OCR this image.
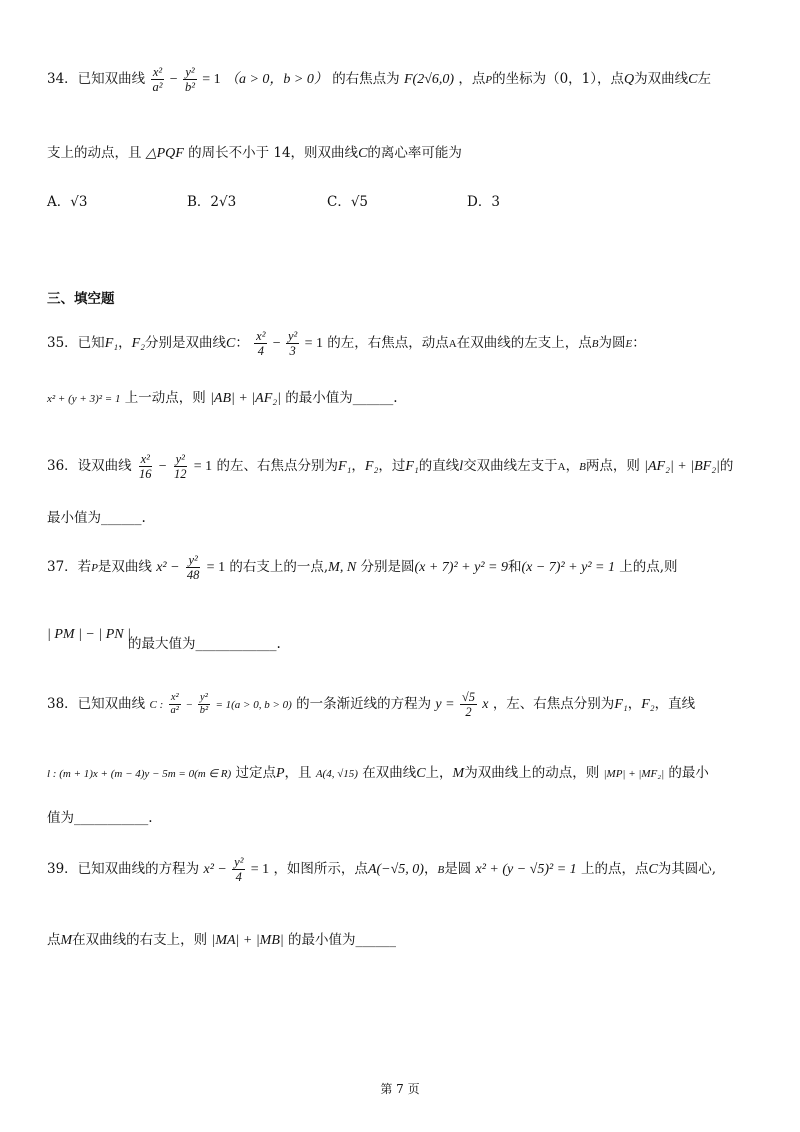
34．已知双曲线 $\frac{\text{x²}}{\text{a²}} - \frac{\text{y²}}{\text{b²}} = 1$ （a > 0，b > 0） 的右焦点为 F(2√6,0) ，点P的坐标为（0，1），点Q为双曲线C左
支上的动点，且 △PQF 的周长不小于 14，则双曲线C的离心率可能为
A．√3	B．2√3	C．√5	D．3
三、填空题
35．已知F₁，F₂分别是双曲线C： $\frac{\text{x²}}{4} - \frac{\text{y²}}{3} = 1$ 的左，右焦点，动点A在双曲线的左支上，点B为圆E：
x² + (y + 3)² = 1 上一动点，则 |AB| + |AF₂| 的最小值为______.
36．设双曲线 $\frac{\text{x²}}{16} - \frac{\text{y²}}{12} = 1$ 的左、右焦点分别为F₁，F₂，过F₁的直线l交双曲线左支于A，B两点，则 |AF₂| + |BF₂|的
最小值为______.
37．若P是双曲线 $x^2 - \frac{\text{y²}}{48} = 1$ 的右支上的一点,M, N 分别是圆(x + 7)² + y² = 9和(x − 7)² + y² = 1 上的点,则
| PM | − | PN |
的最大值为____________.
38．已知双曲线 C : $\frac{\text{x²}}{\text{a²}} - \frac{\text{y²}}{\text{b²}} = 1(a > 0$, b > 0) 的一条渐近线的方程为 $y = \frac{√5}{2}$ x ，左、右焦点分别为F₁，F₂，直线
l : (m + 1)x + (m − 4)y − 5m = 0(m ∈ R) 过定点P，且 A(4, √15) 在双曲线C上，M为双曲线上的动点，则 |MP| + |MF₂| 的最小
值为___________.
39．已知双曲线的方程为 $x^2 - \frac{\text{y²}}{4} = 1$ ，如图所示，点A(−√5, 0)，B是圆 x² + (y − √5)² = 1 上的点，点C为其圆心,
点M在双曲线的右支上，则 |MA| + |MB| 的最小值为______
第 7 页
